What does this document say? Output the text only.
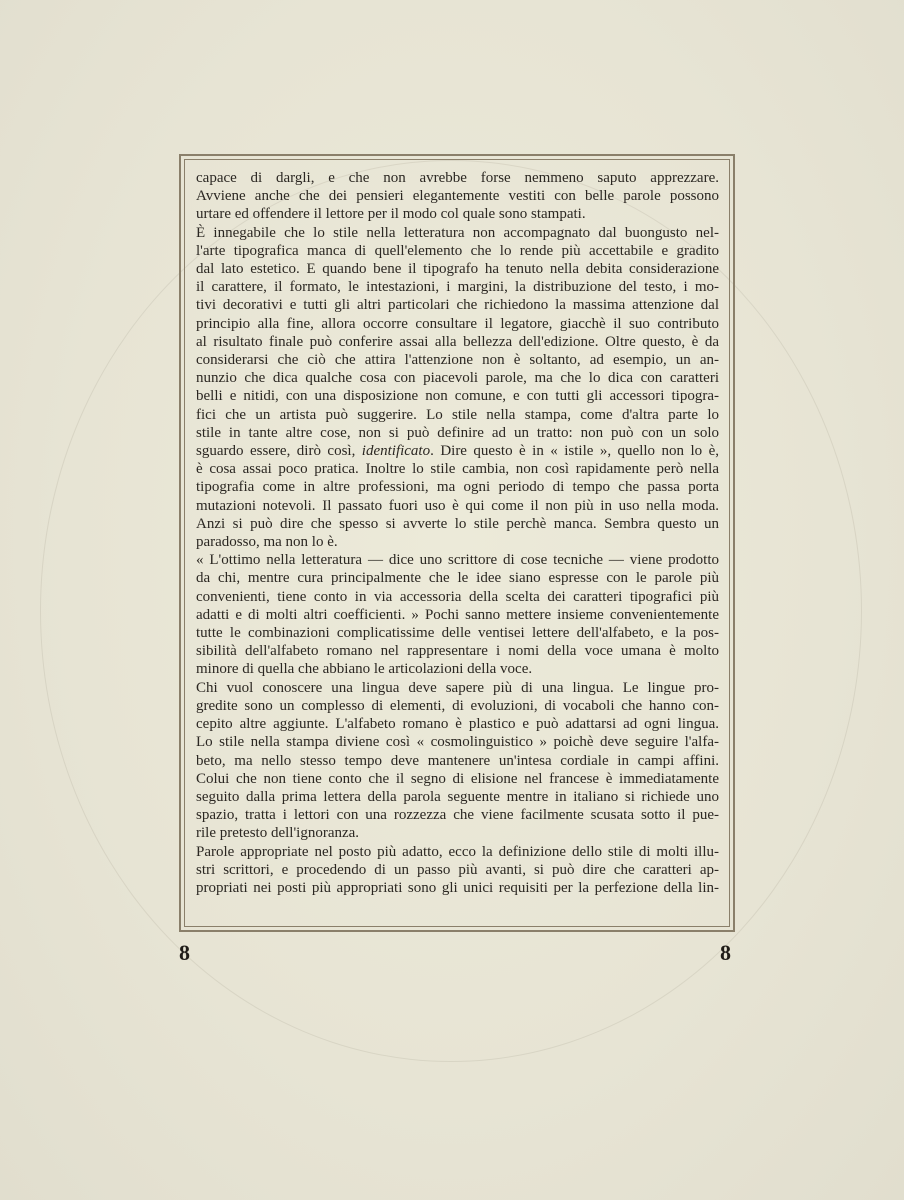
capace di dargli, e che non avrebbe forse nemmeno saputo apprezzare.
Avviene anche che dei pensieri elegantemente vestiti con belle parole possono
urtare ed offendere il lettore per il modo col quale sono stampati.
È innegabile che lo stile nella letteratura non accompagnato dal buongusto nel-
l'arte tipografica manca di quell'elemento che lo rende più accettabile e gradito
dal lato estetico. E quando bene il tipografo ha tenuto nella debita considerazione
il carattere, il formato, le intestazioni, i margini, la distribuzione del testo, i mo-
tivi decorativi e tutti gli altri particolari che richiedono la massima attenzione dal
principio alla fine, allora occorre consultare il legatore, giacchè il suo contributo
al risultato finale può conferire assai alla bellezza dell'edizione. Oltre questo, è da
considerarsi che ciò che attira l'attenzione non è soltanto, ad esempio, un an-
nunzio che dica qualche cosa con piacevoli parole, ma che lo dica con caratteri
belli e nitidi, con una disposizione non comune, e con tutti gli accessori tipogra-
fici che un artista può suggerire. Lo stile nella stampa, come d'altra parte lo
stile in tante altre cose, non si può definire ad un tratto: non può con un solo
sguardo essere, dirò così, identificato. Dire questo è in « istile », quello non lo è,
è cosa assai poco pratica. Inoltre lo stile cambia, non così rapidamente però nella
tipografia come in altre professioni, ma ogni periodo di tempo che passa porta
mutazioni notevoli. Il passato fuori uso è qui come il non più in uso nella moda.
Anzi si può dire che spesso si avverte lo stile perchè manca. Sembra questo un
paradosso, ma non lo è.
« L'ottimo nella letteratura — dice uno scrittore di cose tecniche — viene prodotto
da chi, mentre cura principalmente che le idee siano espresse con le parole più
convenienti, tiene conto in via accessoria della scelta dei caratteri tipografici più
adatti e di molti altri coefficienti. » Pochi sanno mettere insieme convenientemente
tutte le combinazioni complicatissime delle ventisei lettere dell'alfabeto, e la pos-
sibilità dell'alfabeto romano nel rappresentare i nomi della voce umana è molto
minore di quella che abbiano le articolazioni della voce.
Chi vuol conoscere una lingua deve sapere più di una lingua. Le lingue pro-
gredite sono un complesso di elementi, di evoluzioni, di vocaboli che hanno con-
cepito altre aggiunte. L'alfabeto romano è plastico e può adattarsi ad ogni lingua.
Lo stile nella stampa diviene così « cosmolinguistico » poichè deve seguire l'alfa-
beto, ma nello stesso tempo deve mantenere un'intesa cordiale in campi affini.
Colui che non tiene conto che il segno di elisione nel francese è immediatamente
seguito dalla prima lettera della parola seguente mentre in italiano si richiede uno
spazio, tratta i lettori con una rozzezza che viene facilmente scusata sotto il pue-
rile pretesto dell'ignoranza.
Parole appropriate nel posto più adatto, ecco la definizione dello stile di molti illu-
stri scrittori, e procedendo di un passo più avanti, si può dire che caratteri ap-
propriati nei posti più appropriati sono gli unici requisiti per la perfezione della lin-
8	8
